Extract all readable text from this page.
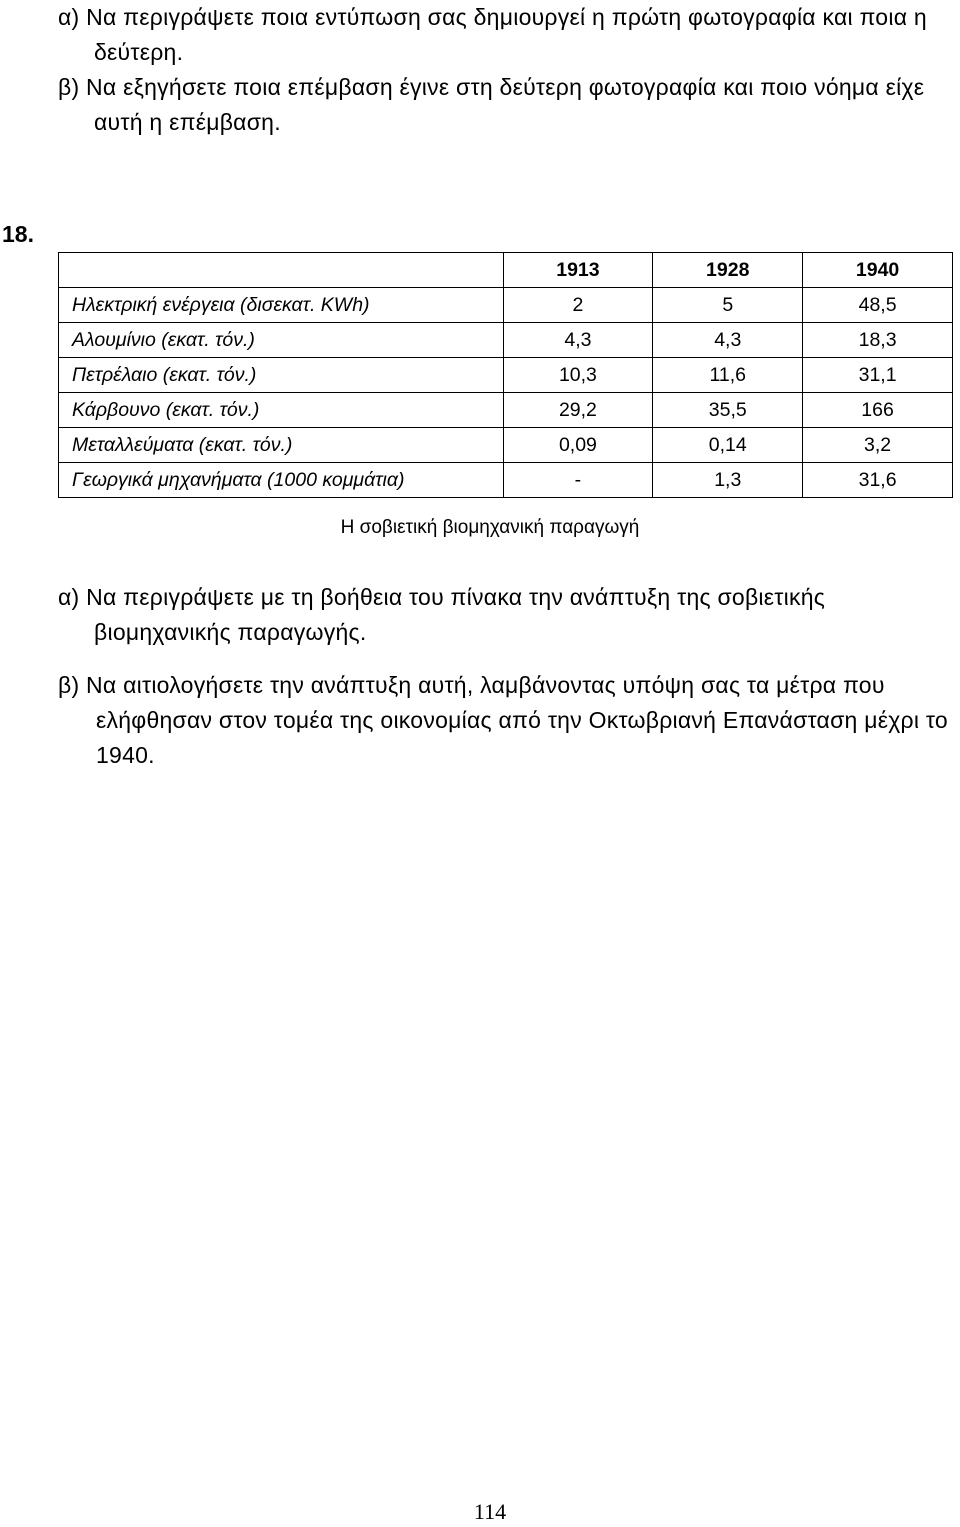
α) Να περιγράψετε ποια εντύπωση σας δημιουργεί η πρώτη φωτογραφία και ποια η δεύτερη.
β) Να εξηγήσετε ποια επέμβαση έγινε στη δεύτερη φωτογραφία και ποιο νόημα είχε αυτή η επέμβαση.
18.
	1913	1928	1940
Ηλεκτρική ενέργεια (δισεκατ. KWh)	2	5	48,5
Αλουμίνιο (εκατ. τόν.)	4,3	4,3	18,3
Πετρέλαιο (εκατ. τόν.)	10,3	11,6	31,1
Κάρβουνο (εκατ. τόν.)	29,2	35,5	166
Μεταλλεύματα (εκατ. τόν.)	0,09	0,14	3,2
Γεωργικά μηχανήματα (1000 κομμάτια)	-	1,3	31,6
Η σοβιετική βιομηχανική παραγωγή
α) Να περιγράψετε με τη βοήθεια του πίνακα την ανάπτυξη της σοβιετικής βιομηχανικής παραγωγής.
β) Να αιτιολογήσετε την ανάπτυξη αυτή, λαμβάνοντας υπόψη σας τα μέτρα που ελήφθησαν στον τομέα της οικονομίας από την Οκτωβριανή Επανάσταση μέχρι το 1940.
114
